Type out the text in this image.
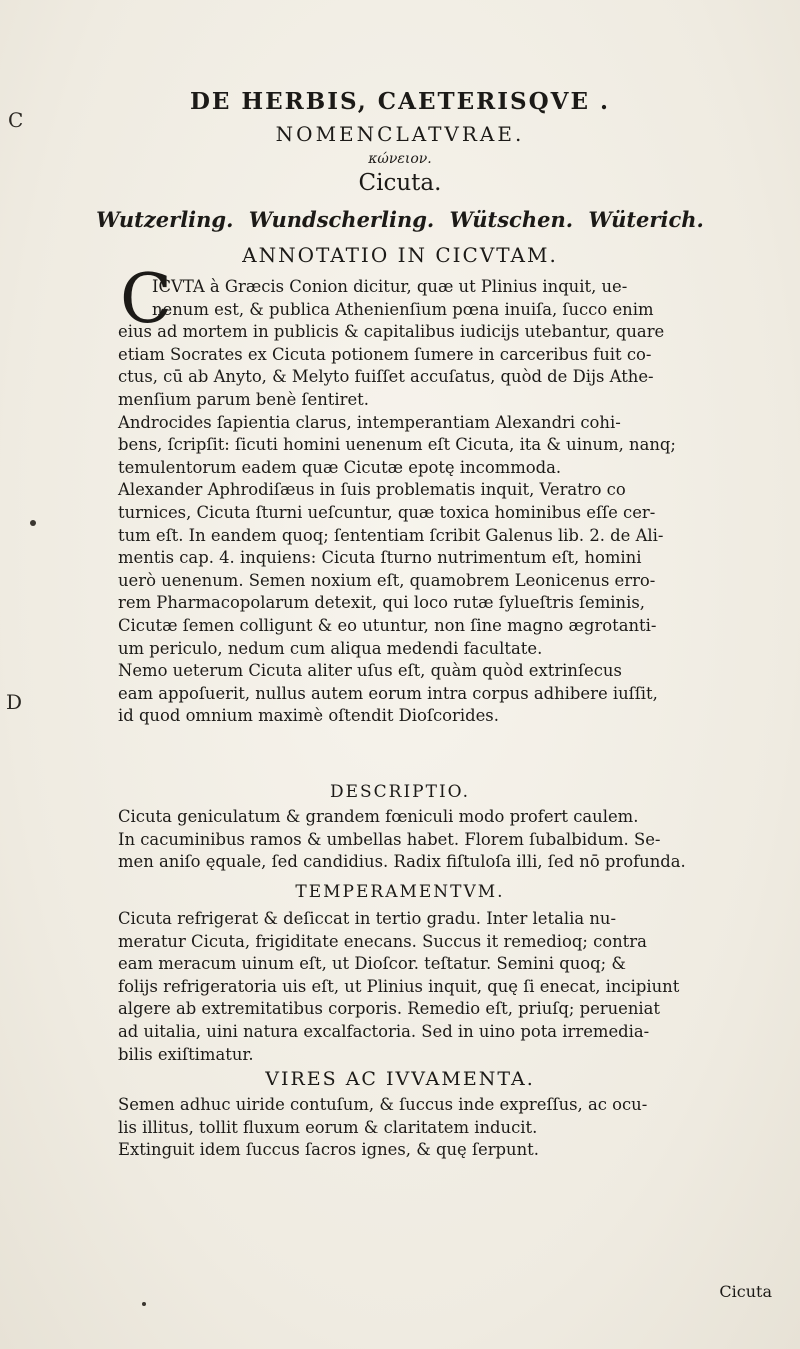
C
D
DE HERBIS, CAETERISQVE .
NOMENCLATVRAE.
κώνειον.
Cicuta.
Wutzerling. Wundscherling. Wütschen. Wüterich.
ANNOTATIO IN CICVTAM.
C
ICVTA à Græcis Conion dicitur, quæ ut Plinius inquit, ue-
nenum est, & publica Athenienſium pœna inuiſa, ſucco enim
eius ad mortem in publicis & capitalibus iudicijs utebantur, quare
etiam Socrates ex Cicuta potionem ſumere in carceribus fuit co-
ctus, cū ab Anyto, & Melyto fuiſſet accuſatus, quòd de Dijs Athe-
menſium parum benè ſentiret.
Androcides ſapientia clarus, intemperantiam Alexandri cohi-
bens, ſcripſit: ſicuti homini uenenum eſt Cicuta, ita & uinum, nanq;
temulentorum eadem quæ Cicutæ epotę incommoda.
Alexander Aphrodiſæus in ſuis problematis inquit, Veratro co
turnices, Cicuta ſturni ueſcuntur, quæ toxica hominibus eſſe cer-
tum eſt. In eandem quoq; ſententiam ſcribit Galenus lib. 2. de Ali-
mentis cap. 4. inquiens: Cicuta ſturno nutrimentum eſt, homini
uerò uenenum. Semen noxium eſt, quamobrem Leonicenus erro-
rem Pharmacopolarum detexit, qui loco rutæ ſylueſtris ſeminis,
Cicutæ ſemen colligunt & eo utuntur, non ſine magno ægrotanti-
um periculo, nedum cum aliqua medendi facultate.
Nemo ueterum Cicuta aliter uſus eſt, quàm quòd extrinſecus
eam appoſuerit, nullus autem eorum intra corpus adhibere iuſſit,
id quod omnium maximè oſtendit Dioſcorides.
DESCRIPTIO.
Cicuta geniculatum & grandem fœniculi modo profert caulem.
In cacuminibus ramos & umbellas habet. Florem ſubalbidum. Se-
men aniſo ęquale, ſed candidius. Radix fiſtuloſa illi, ſed nō profunda.
TEMPERAMENTVM.
Cicuta refrigerat & deſiccat in tertio gradu. Inter letalia nu-
meratur Cicuta, frigiditate enecans. Succus it remedioq; contra
eam meracum uinum eſt, ut Dioſcor. teſtatur. Semini quoq; &
folijs refrigeratoria uis eſt, ut Plinius inquit, quę ſi enecat, incipiunt
algere ab extremitatibus corporis. Remedio eſt, priuſq; perueniat
ad uitalia, uini natura excalfactoria. Sed in uino pota irremedia-
bilis exiſtimatur.
VIRES AC IVVAMENTA.
Semen adhuc uiride contuſum, & ſuccus inde expreſſus, ac ocu-
lis illitus, tollit fluxum eorum & claritatem inducit.
Extinguit idem ſuccus ſacros ignes, & quę ſerpunt.
Cicuta
